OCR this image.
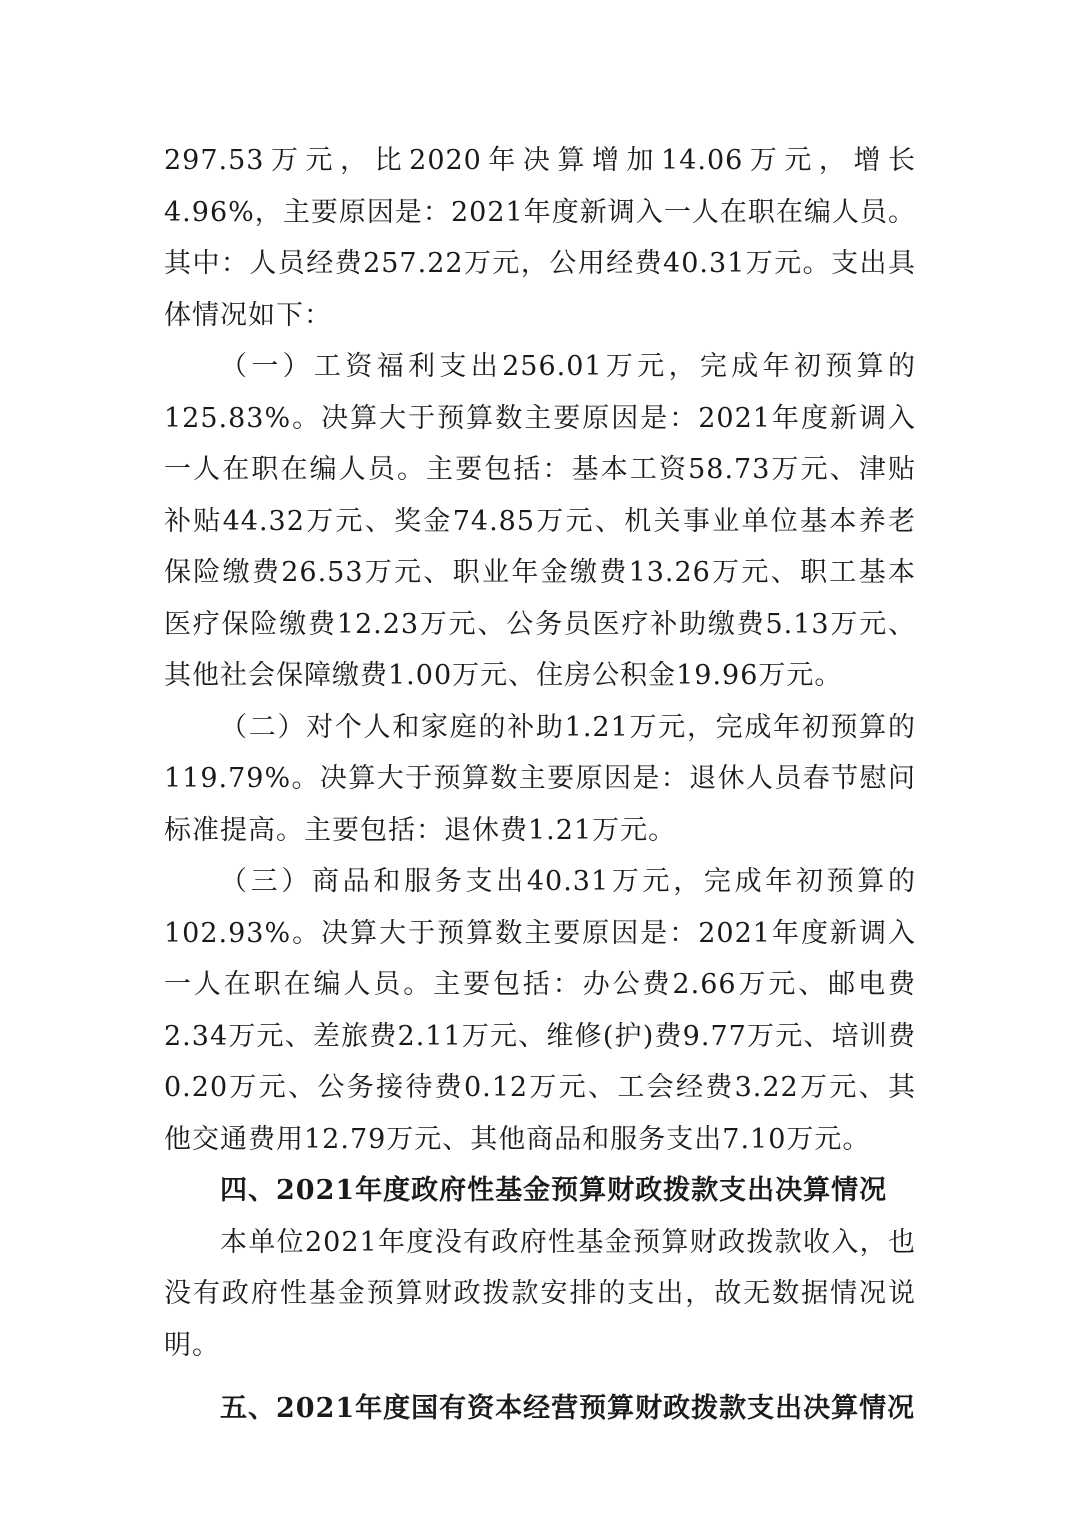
297.53万元，比2020年决算增加14.06万元，增长4.96%，主要原因是：2021年度新调入一人在职在编人员。其中：人员经费257.22万元，公用经费40.31万元。支出具体情况如下：

（一）工资福利支出256.01万元，完成年初预算的125.83%。决算大于预算数主要原因是：2021年度新调入一人在职在编人员。主要包括：基本工资58.73万元、津贴补贴44.32万元、奖金74.85万元、机关事业单位基本养老保险缴费26.53万元、职业年金缴费13.26万元、职工基本医疗保险缴费12.23万元、公务员医疗补助缴费5.13万元、其他社会保障缴费1.00万元、住房公积金19.96万元。

（二）对个人和家庭的补助1.21万元，完成年初预算的119.79%。决算大于预算数主要原因是：退休人员春节慰问标准提高。主要包括：退休费1.21万元。

（三）商品和服务支出40.31万元，完成年初预算的102.93%。决算大于预算数主要原因是：2021年度新调入一人在职在编人员。主要包括：办公费2.66万元、邮电费2.34万元、差旅费2.11万元、维修(护)费9.77万元、培训费0.20万元、公务接待费0.12万元、工会经费3.22万元、其他交通费用12.79万元、其他商品和服务支出7.10万元。

四、2021年度政府性基金预算财政拨款支出决算情况

本单位2021年度没有政府性基金预算财政拨款收入，也没有政府性基金预算财政拨款安排的支出，故无数据情况说明。

五、2021年度国有资本经营预算财政拨款支出决算情况
